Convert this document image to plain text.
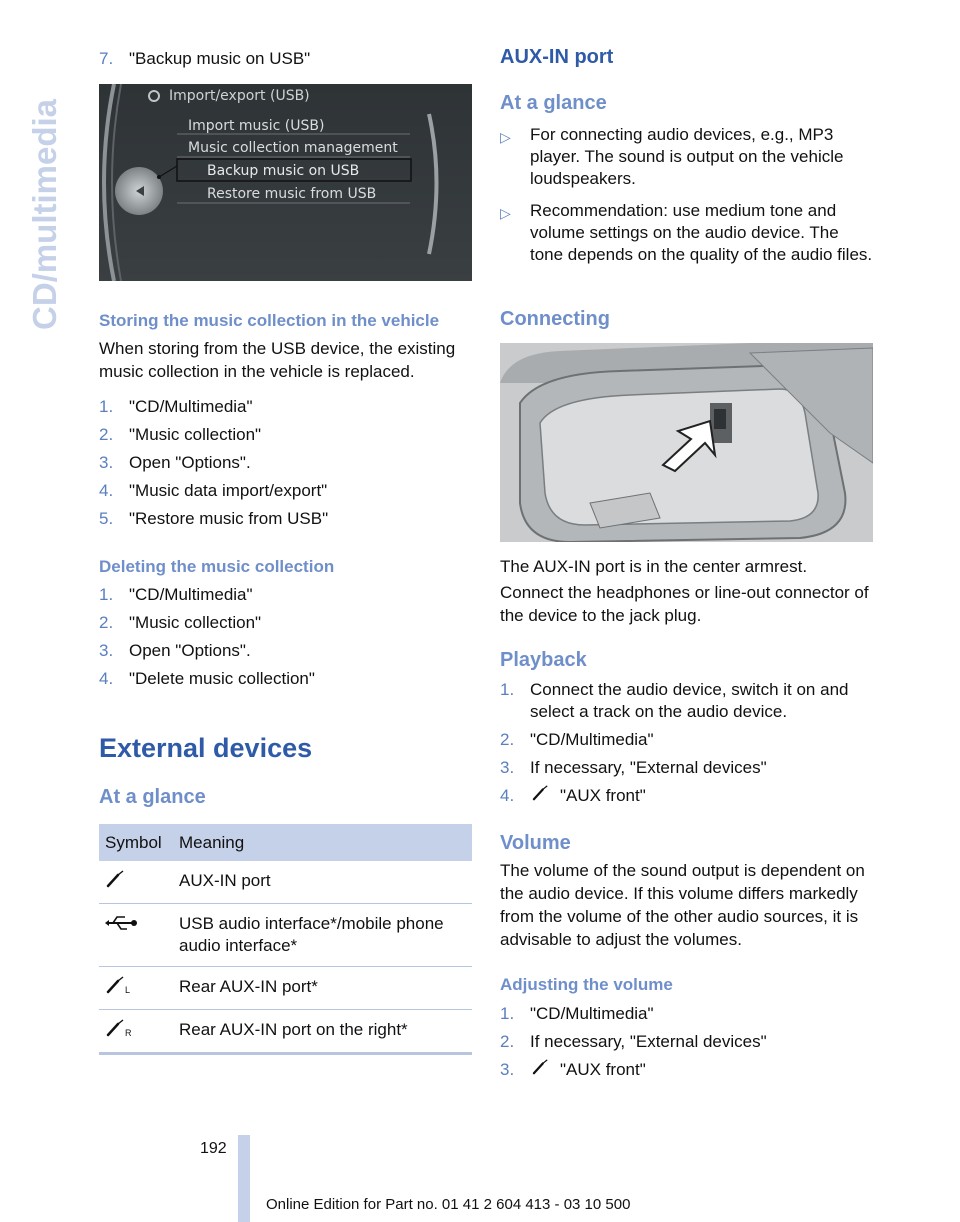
CD/multimedia
7. "Backup music on USB"
Import/export (USB)
Import music (USB)
Music collection management
Backup music on USB
Restore music from USB
Storing the music collection in the vehicle

When storing from the USB device, the existing music collection in the vehicle is replaced.

1. "CD/Multimedia"
2. "Music collection"
3. Open "Options".
4. "Music data import/export"
5. "Restore music from USB"
Deleting the music collection
1. "CD/Multimedia"
2. "Music collection"
3. Open "Options".
4. "Delete music collection"
External devices
At a glance
Symbol	Meaning
	AUX-IN port
	USB audio interface*/mobile phone audio interface*

L	Rear AUX-IN port*

R	Rear AUX-IN port on the right*
AUX-IN port
At a glance
▷	For connecting audio devices, e.g., MP3 player. The sound is output on the vehicle loudspeakers.
▷	Recommendation: use medium tone and volume settings on the audio device. The tone depends on the quality of the audio files.
Connecting

The AUX-IN port is in the center armrest.

Connect the headphones or line-out connector of the device to the jack plug.

Playback
1. Connect the audio device, switch it on and select a track on the audio device.
2. "CD/Multimedia"
3. If necessary, "External devices"
4.	"AUX front"
Volume

The volume of the sound output is dependent on the audio device. If this volume differs markedly from the volume of the other audio sources, it is advisable to adjust the volumes.

Adjusting the volume
1. "CD/Multimedia"
2. If necessary, "External devices"
3.	"AUX front"
192
Online Edition for Part no. 01 41 2 604 413 - 03 10 500
